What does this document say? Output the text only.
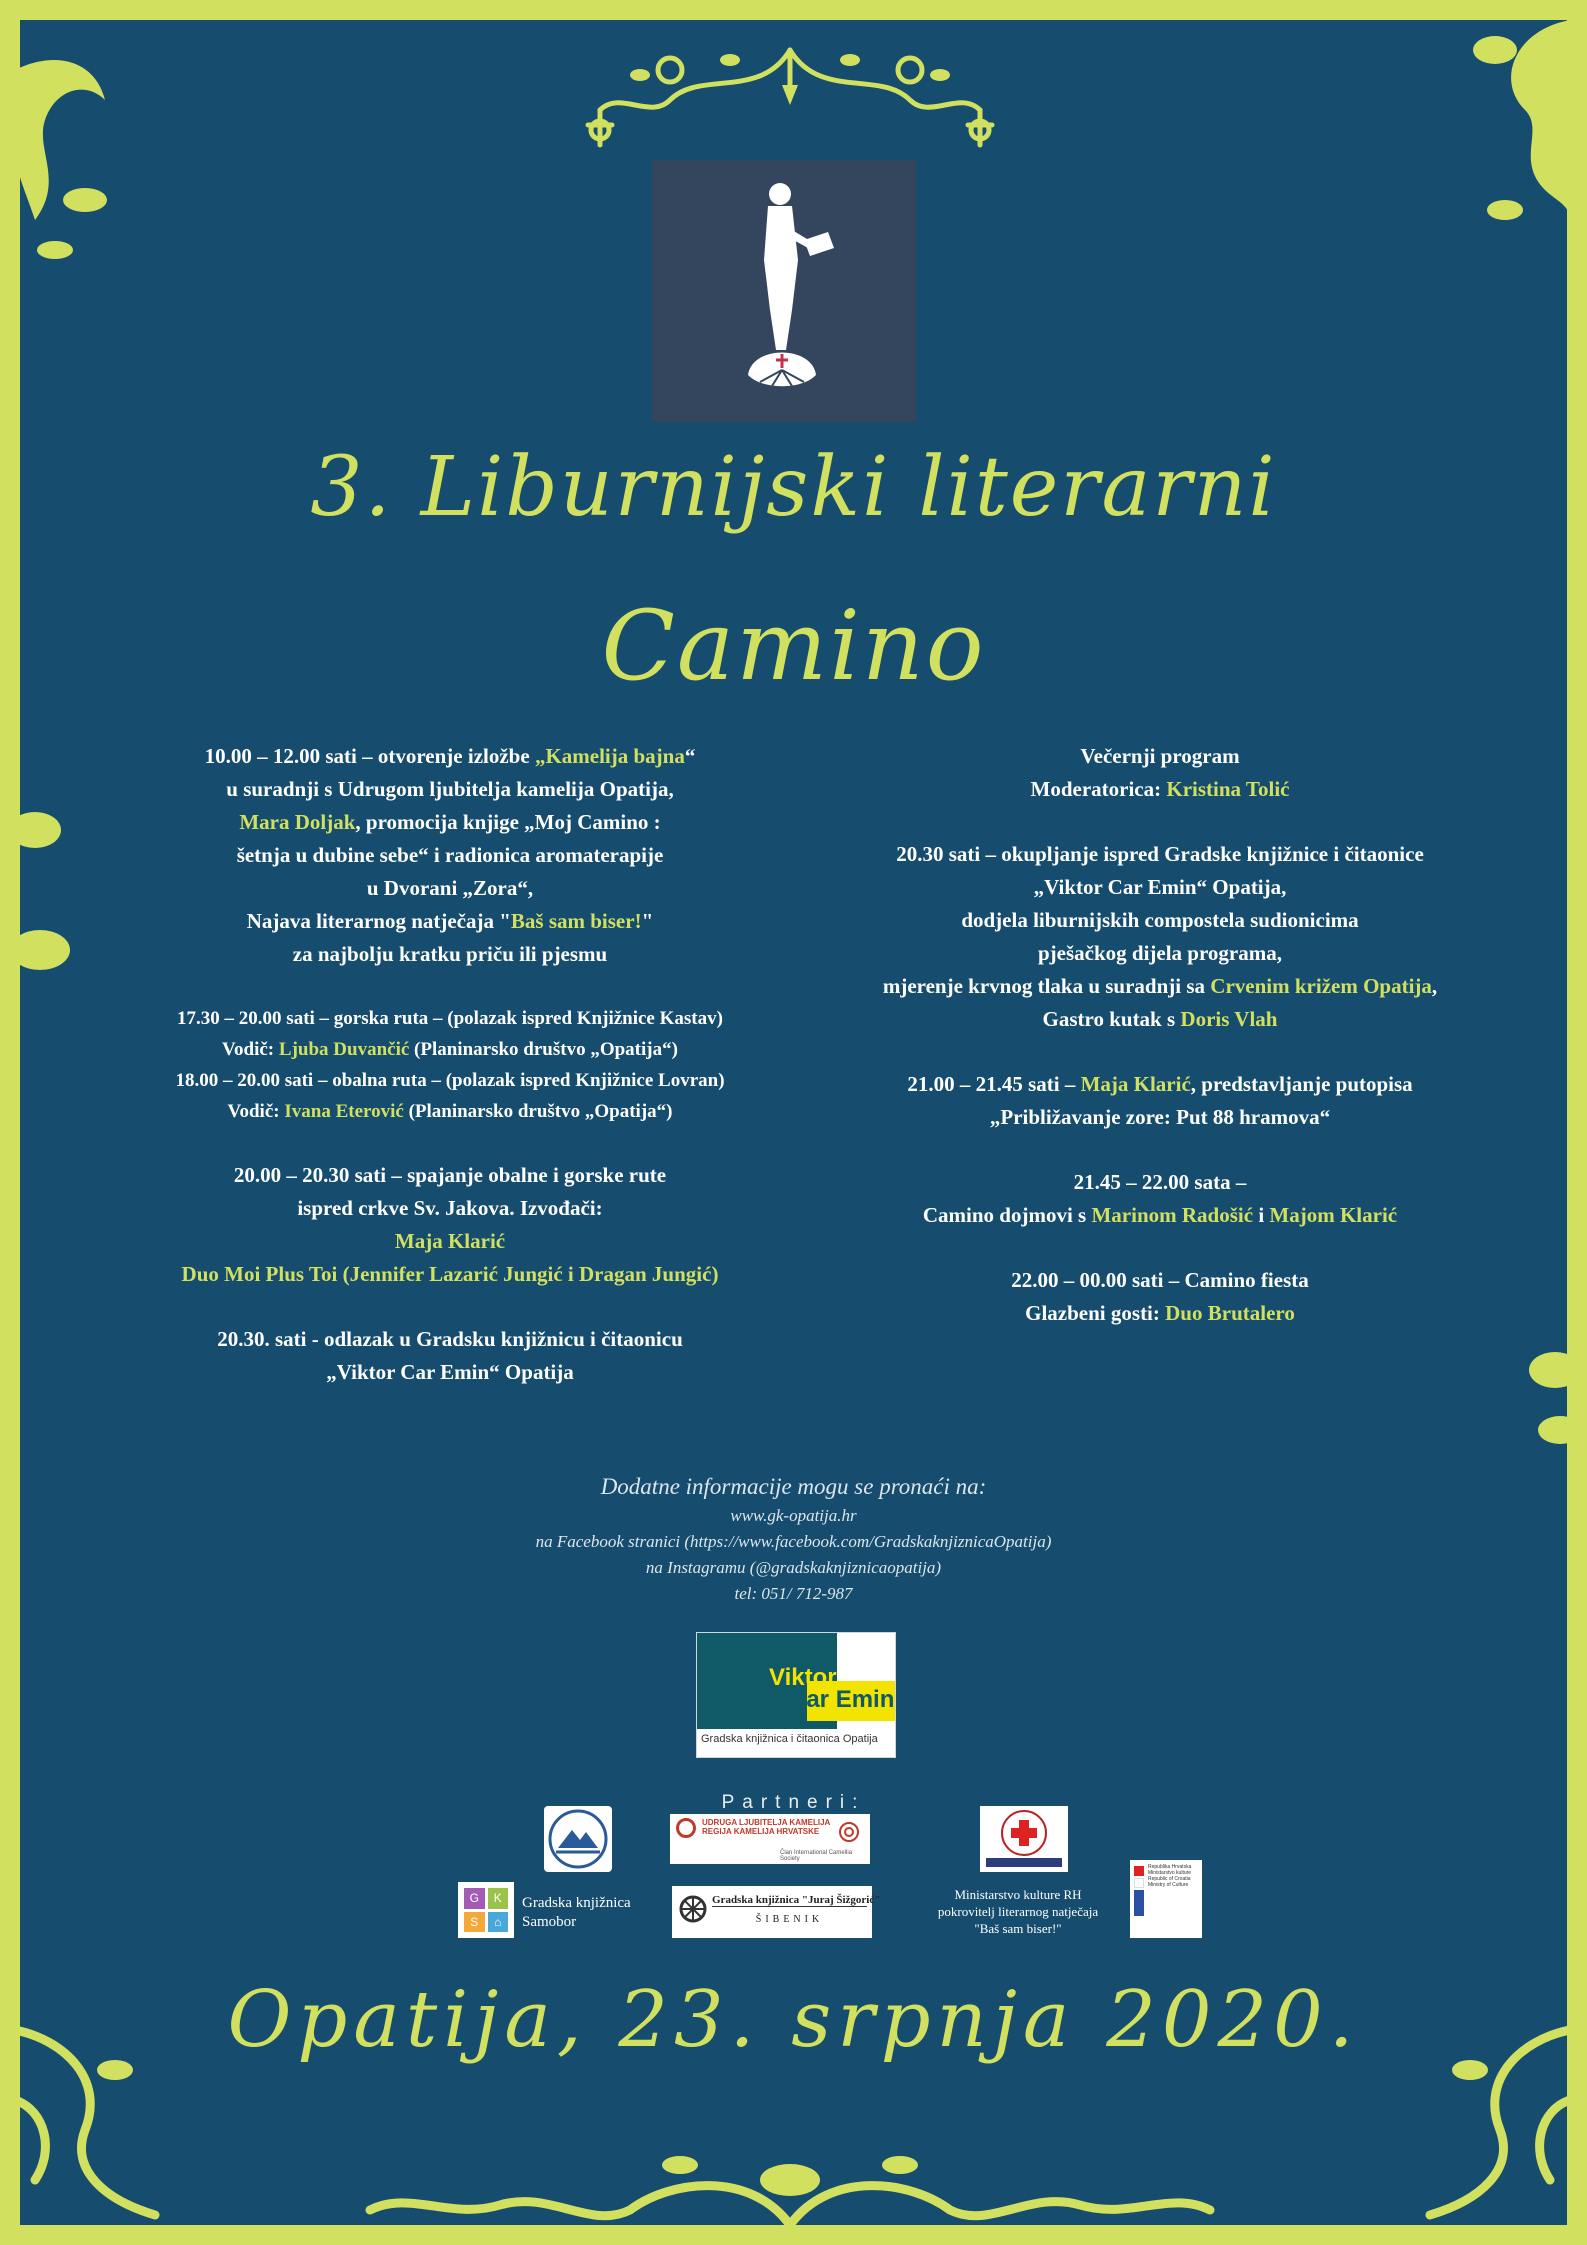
3. Liburnijski literarni
Camino
10.00 – 12.00 sati – otvorenje izložbe „Kamelija bajna“
u suradnji s Udrugom ljubitelja kamelija Opatija,
Mara Doljak, promocija knjige „Moj Camino :
šetnja u dubine sebe“ i radionica aromaterapije
u Dvorani „Zora“,
Najava literarnog natječaja "Baš sam biser!"
za najbolju kratku priču ili pjesmu
17.30 – 20.00 sati – gorska ruta – (polazak ispred Knjižnice Kastav)
Vodič: Ljuba Duvančić (Planinarsko društvo „Opatija“)
18.00 – 20.00 sati – obalna ruta – (polazak ispred Knjižnice Lovran)
Vodič: Ivana Eterović (Planinarsko društvo „Opatija“)
20.00 – 20.30 sati – spajanje obalne i gorske rute
ispred crkve Sv. Jakova. Izvođači:
Maja Klarić
Duo Moi Plus Toi (Jennifer Lazarić Jungić i Dragan Jungić)
20.30. sati - odlazak u Gradsku knjižnicu i čitaonicu
„Viktor Car Emin“ Opatija
Večernji program
Moderatorica: Kristina Tolić
20.30 sati – okupljanje ispred Gradske knjižnice i čitaonice
„Viktor Car Emin“ Opatija,
dodjela liburnijskih compostela sudionicima
pješačkog dijela programa,
mjerenje krvnog tlaka u suradnji sa Crvenim križem Opatija,
Gastro kutak s Doris Vlah
21.00 – 21.45 sati – Maja Klarić, predstavljanje putopisa
„Približavanje zore: Put 88 hramova“
21.45 – 22.00 sata –
Camino dojmovi s Marinom Radošić i Majom Klarić
22.00 – 00.00 sati – Camino fiesta
Glazbeni gosti: Duo Brutalero
Dodatne informacije mogu se pronaći na:
www.gk-opatija.hr
na Facebook stranici (https://www.facebook.com/GradskaknjiznicaOpatija)
na Instagramu (@gradskaknjiznicaopatija)
tel: 051/ 712-987
Viktor
Car Emin
Gradska knjižnica i čitaonica Opatija
Partneri:
UDRUGA LJUBITELJA KAMELIJA
REGIJA KAMELIJA HRVATSKE
Član International Camellia Society
G	K
S	⌂
Gradska knjižnica
Samobor
Gradska knjižnica "Juraj Šižgorić"
ŠIBENIK
Ministarstvo kulture RH
pokrovitelj literarnog natječaja
"Baš sam biser!"
Republika Hrvatska Ministarstvo kulture Republic of Croatia Ministry of Culture
Opatija, 23. srpnja 2020.
